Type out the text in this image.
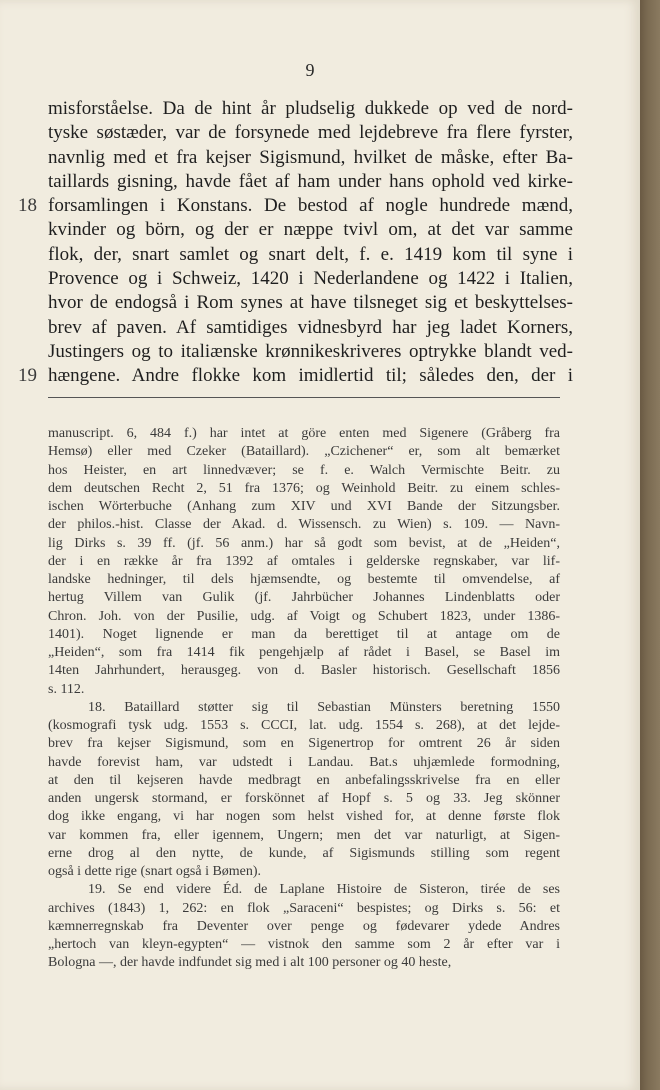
9
misforståelse. Da de hint år pludselig dukkede op ved de nord-
tyske søstæder, var de forsynede med lejdebreve fra flere fyrster,
navnlig med et fra kejser Sigismund, hvilket de måske, efter Ba-
taillards gisning, havde fået af ham under hans ophold ved kirke-
forsamlingen i Konstans. De bestod af nogle hundrede mænd,
18
kvinder og börn, og der er næppe tvivl om, at det var samme
flok, der, snart samlet og snart delt, f. e. 1419 kom til syne i
Provence og i Schweiz, 1420 i Nederlandene og 1422 i Italien,
hvor de endogså i Rom synes at have tilsneget sig et beskyttelses-
brev af paven. Af samtidiges vidnesbyrd har jeg ladet Korners,
Justingers og to italiænske krønnikeskriveres optrykke blandt ved-
hængene. Andre flokke kom imidlertid til; således den, der i
19
manuscript. 6, 484 f.) har intet at göre enten med Sigenere (Gråberg fra
Hemsø) eller med Czeker (Bataillard). „Czichener“ er, som alt bemærket
hos Heister, en art linnedvæver; se f. e. Walch Vermischte Beitr. zu
dem deutschen Recht 2, 51 fra 1376; og Weinhold Beitr. zu einem schles-
ischen Wörterbuche (Anhang zum XIV und XVI Bande der Sitzungsber.
der philos.-hist. Classe der Akad. d. Wissensch. zu Wien) s. 109. — Navn-
lig Dirks s. 39 ff. (jf. 56 anm.) har så godt som bevist, at de „Heiden“,
der i en række år fra 1392 af omtales i gelderske regnskaber, var lif-
landske hedninger, til dels hjæmsendte, og bestemte til omvendelse, af
hertug Villem van Gulik (jf. Jahrbücher Johannes Lindenblatts oder
Chron. Joh. von der Pusilie, udg. af Voigt og Schubert 1823, under 1386-
1401). Noget lignende er man da berettiget til at antage om de
„Heiden“, som fra 1414 fik pengehjælp af rådet i Basel, se Basel im
14ten Jahrhundert, herausgeg. von d. Basler historisch. Gesellschaft 1856
s. 112.
18. Bataillard støtter sig til Sebastian Münsters beretning 1550
(kosmografi tysk udg. 1553 s. CCCI, lat. udg. 1554 s. 268), at det lejde-
brev fra kejser Sigismund, som en Sigenertrop for omtrent 26 år siden
havde forevist ham, var udstedt i Landau. Bat.s uhjæmlede formodning,
at den til kejseren havde medbragt en anbefalingsskrivelse fra en eller
anden ungersk stormand, er forskönnet af Hopf s. 5 og 33. Jeg skönner
dog ikke engang, vi har nogen som helst vished for, at denne første flok
var kommen fra, eller igennem, Ungern; men det var naturligt, at Sigen-
erne drog al den nytte, de kunde, af Sigismunds stilling som regent
også i dette rige (snart også i Bømen).
19. Se end videre Éd. de Laplane Histoire de Sisteron, tirée de ses
archives (1843) 1, 262: en flok „Saraceni“ bespistes; og Dirks s. 56: et
kæmnerregnskab fra Deventer over penge og fødevarer ydede Andres
„hertoch van kleyn-egypten“ — vistnok den samme som 2 år efter var i
Bologna —, der havde indfundet sig med i alt 100 personer og 40 heste,
